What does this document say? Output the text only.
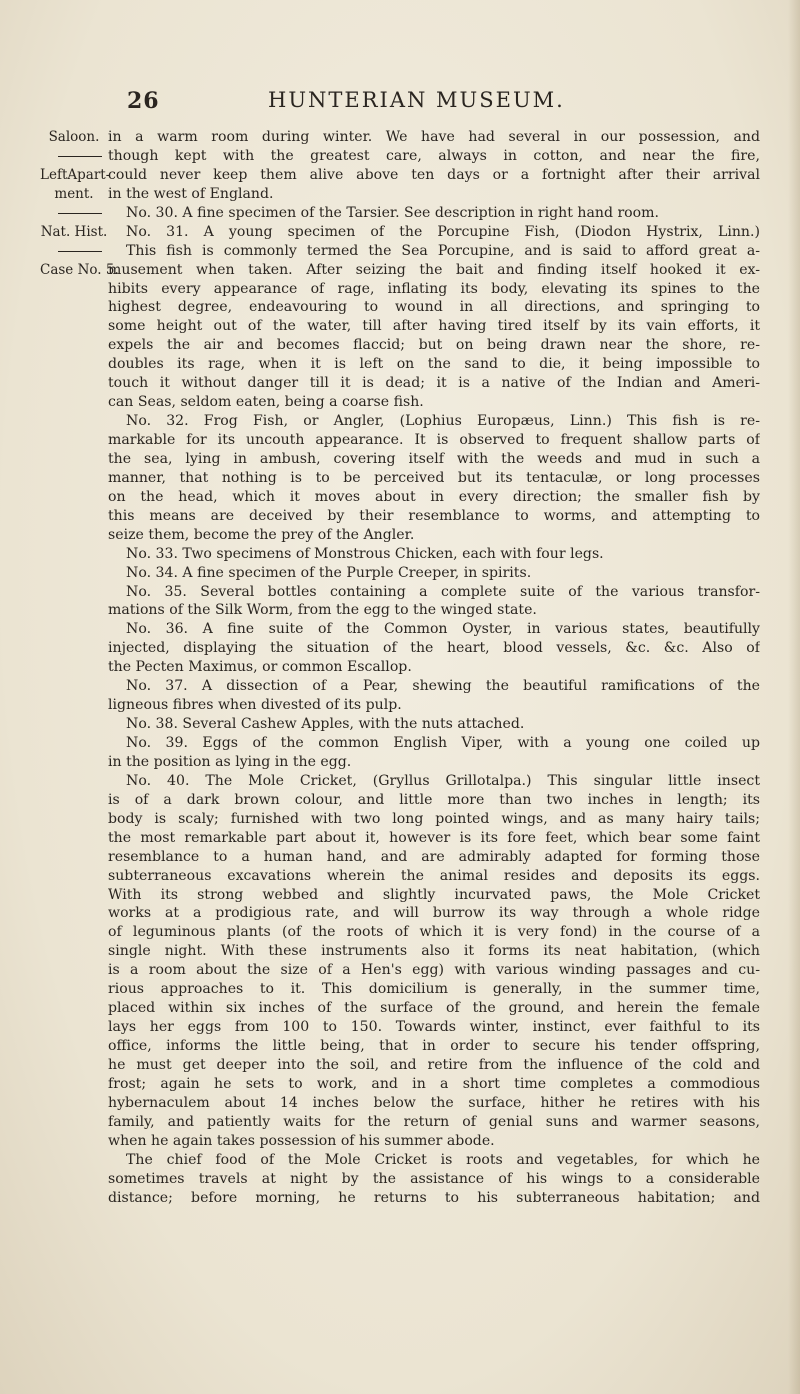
26	HUNTERIAN MUSEUM.
Saloon. in a warm room during winter. We have had several in our possession, and
though kept with the greatest care, always in cotton, and near the fire,
LeftApart-
could never keep them alive above ten days or a fortnight after their arrival
ment.	in the west of England.
No. 30. A fine specimen of the Tarsier. See description in right hand room.
Nat. Hist.	No. 31. A young specimen of the Porcupine Fish, (Diodon Hystrix, Linn.)
This fish is commonly termed the Sea Porcupine, and is said to afford great a-
Case No. 5.
musement when taken. After seizing the bait and finding itself hooked it ex-
hibits every appearance of rage, inflating its body, elevating its spines to the
highest degree, endeavouring to wound in all directions, and springing to
some height out of the water, till after having tired itself by its vain efforts, it
expels the air and becomes flaccid; but on being drawn near the shore, re-
doubles its rage, when it is left on the sand to die, it being impossible to
touch it without danger till it is dead; it is a native of the Indian and Ameri-
can Seas, seldom eaten, being a coarse fish.
No. 32. Frog Fish, or Angler, (Lophius Europæus, Linn.) This fish is re-
markable for its uncouth appearance. It is observed to frequent shallow parts of
the sea, lying in ambush, covering itself with the weeds and mud in such a
manner, that nothing is to be perceived but its tentaculæ, or long processes
on the head, which it moves about in every direction; the smaller fish by
this means are deceived by their resemblance to worms, and attempting to
seize them, become the prey of the Angler.
No. 33. Two specimens of Monstrous Chicken, each with four legs.
No. 34. A fine specimen of the Purple Creeper, in spirits.
No. 35. Several bottles containing a complete suite of the various transfor-
mations of the Silk Worm, from the egg to the winged state.
No. 36. A fine suite of the Common Oyster, in various states, beautifully
injected, displaying the situation of the heart, blood vessels, &c. &c. Also of
the Pecten Maximus, or common Escallop.
No. 37. A dissection of a Pear, shewing the beautiful ramifications of the
ligneous fibres when divested of its pulp.
No. 38. Several Cashew Apples, with the nuts attached.
No. 39. Eggs of the common English Viper, with a young one coiled up
in the position as lying in the egg.
No. 40. The Mole Cricket, (Gryllus Grillotalpa.) This singular little insect
is of a dark brown colour, and little more than two inches in length; its
body is scaly; furnished with two long pointed wings, and as many hairy tails;
the most remarkable part about it, however is its fore feet, which bear some faint
resemblance to a human hand, and are admirably adapted for forming those
subterraneous excavations wherein the animal resides and deposits its eggs.
With its strong webbed and slightly incurvated paws, the Mole Cricket
works at a prodigious rate, and will burrow its way through a whole ridge
of leguminous plants (of the roots of which it is very fond) in the course of a
single night. With these instruments also it forms its neat habitation, (which
is a room about the size of a Hen's egg) with various winding passages and cu-
rious approaches to it. This domicilium is generally, in the summer time,
placed within six inches of the surface of the ground, and herein the female
lays her eggs from 100 to 150. Towards winter, instinct, ever faithful to its
office, informs the little being, that in order to secure his tender offspring,
he must get deeper into the soil, and retire from the influence of the cold and
frost; again he sets to work, and in a short time completes a commodious
hybernaculem about 14 inches below the surface, hither he retires with his
family, and patiently waits for the return of genial suns and warmer seasons,
when he again takes possession of his summer abode.
The chief food of the Mole Cricket is roots and vegetables, for which he
sometimes travels at night by the assistance of his wings to a considerable
distance; before morning, he returns to his subterraneous habitation; and
